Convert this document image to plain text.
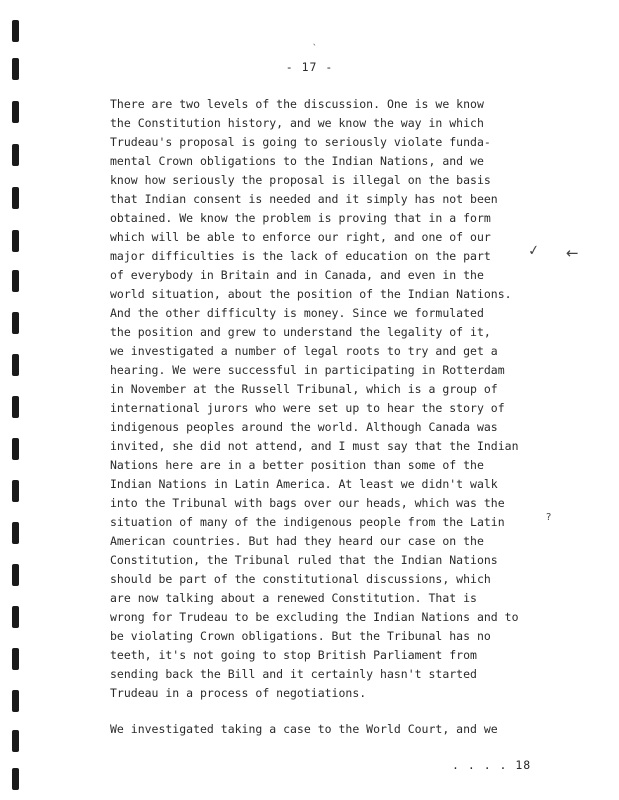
`
- 17 -
There are two levels of the discussion. One is we know
the Constitution history, and we know the way in which
Trudeau's proposal is going to seriously violate funda-
mental Crown obligations to the Indian Nations, and we
know how seriously the proposal is illegal on the basis
that Indian consent is needed and it simply has not been
obtained. We know the problem is proving that in a form
which will be able to enforce our right, and one of our
major difficulties is the lack of education on the part
of everybody in Britain and in Canada, and even in the
world situation, about the position of the Indian Nations.
And the other difficulty is money. Since we formulated
the position and grew to understand the legality of it,
we investigated a number of legal roots to try and get a
hearing. We were successful in participating in Rotterdam
in November at the Russell Tribunal, which is a group of
international jurors who were set up to hear the story of
indigenous peoples around the world. Although Canada was
invited, she did not attend, and I must say that the Indian
Nations here are in a better position than some of the
Indian Nations in Latin America. At least we didn't walk
into the Tribunal with bags over our heads, which was the
situation of many of the indigenous people from the Latin
American countries. But had they heard our case on the
Constitution, the Tribunal ruled that the Indian Nations
should be part of the constitutional discussions, which
are now talking about a renewed Constitution. That is
wrong for Trudeau to be excluding the Indian Nations and to
be violating Crown obligations. But the Tribunal has no
teeth, it's not going to stop British Parliament from
sending back the Bill and it certainly hasn't started
Trudeau in a process of negotiations.
We investigated taking a case to the World Court, and we
✓ ←
?
. . . . 18
